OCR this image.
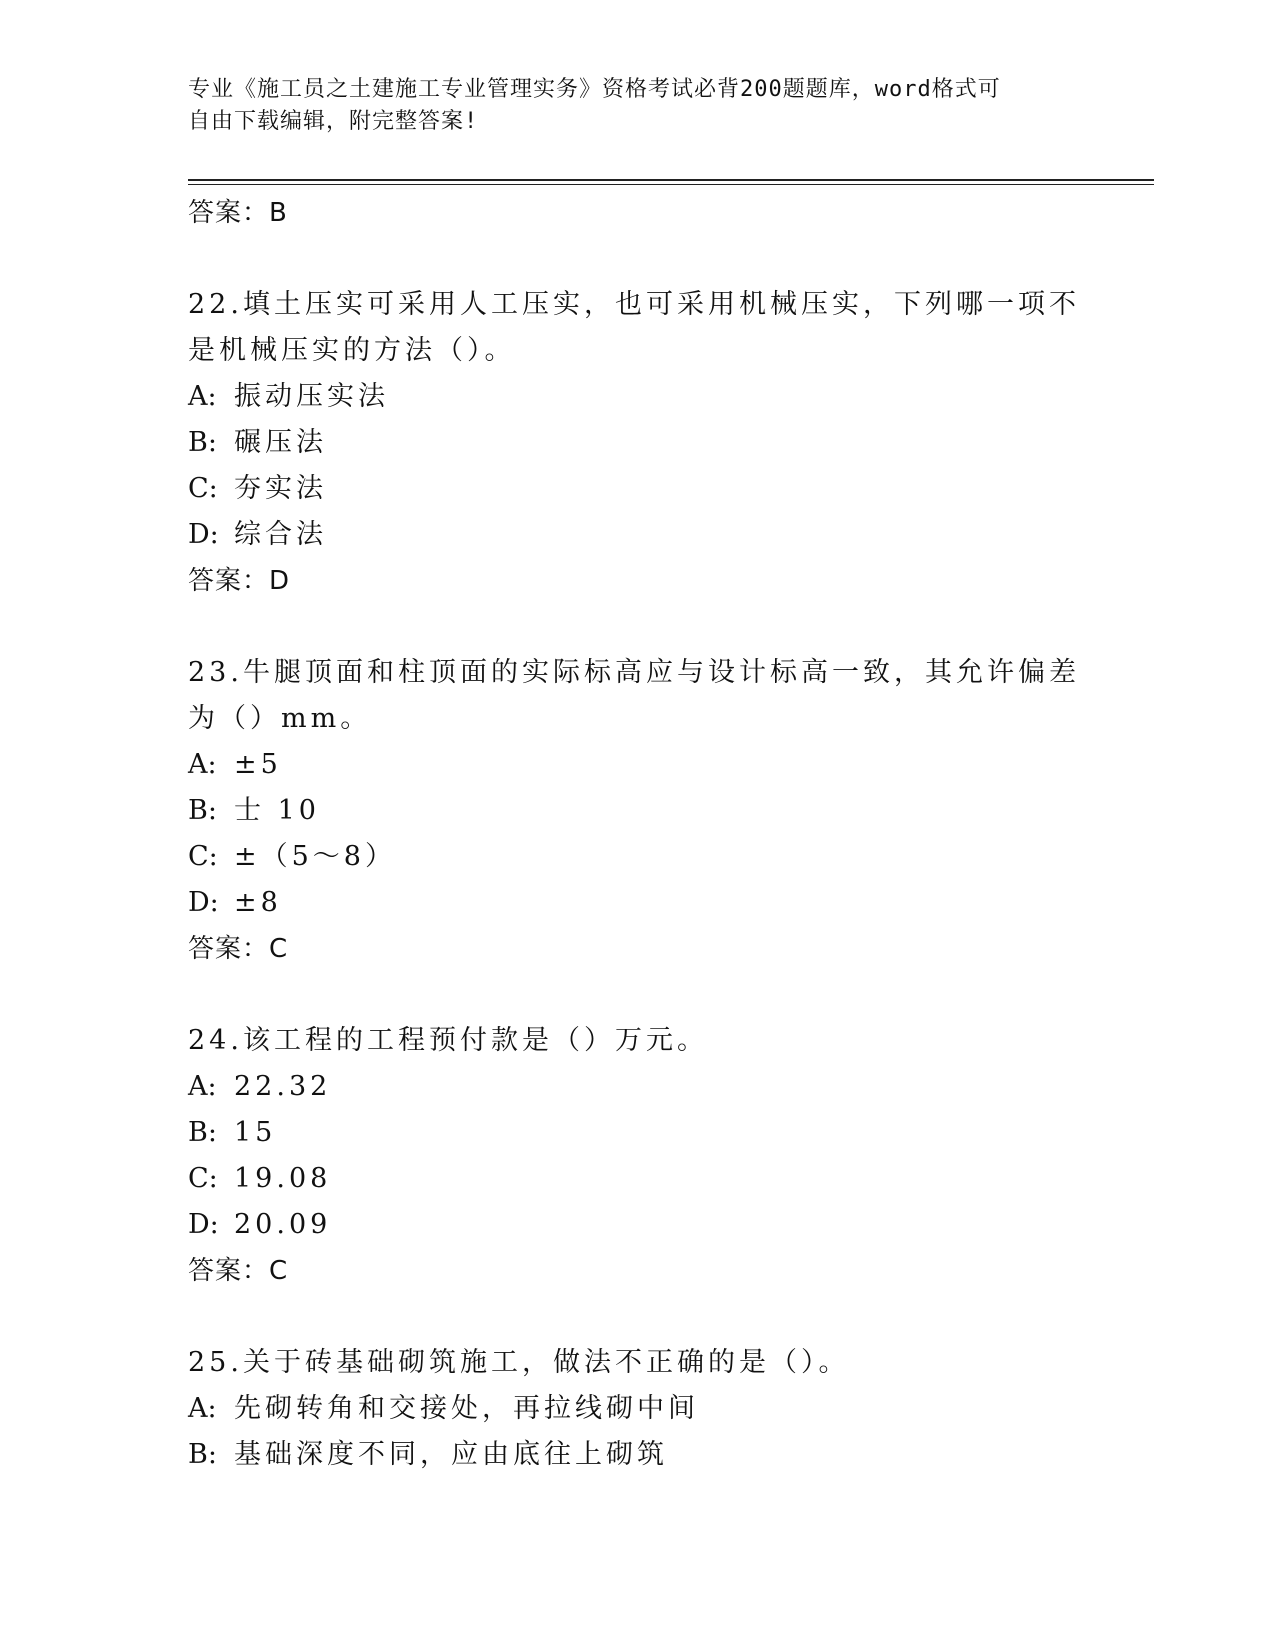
专业《施工员之土建施工专业管理实务》资格考试必背200题题库，word格式可
自由下载编辑，附完整答案!
答案：B
22.填土压实可采用人工压实，也可采用机械压实，下列哪一项不是机械压实的方法（）。
A: 振动压实法
B: 碾压法
C: 夯实法
D: 综合法
答案：D
23.牛腿顶面和柱顶面的实际标高应与设计标高一致，其允许偏差为（）mm。
A: ±5
B: 士 10
C: ±（5～8）
D: ±8
答案：C
24.该工程的工程预付款是（）万元。
A: 22.32
B: 15
C: 19.08
D: 20.09
答案：C
25.关于砖基础砌筑施工，做法不正确的是（）。
A: 先砌转角和交接处，再拉线砌中间
B: 基础深度不同，应由底往上砌筑
